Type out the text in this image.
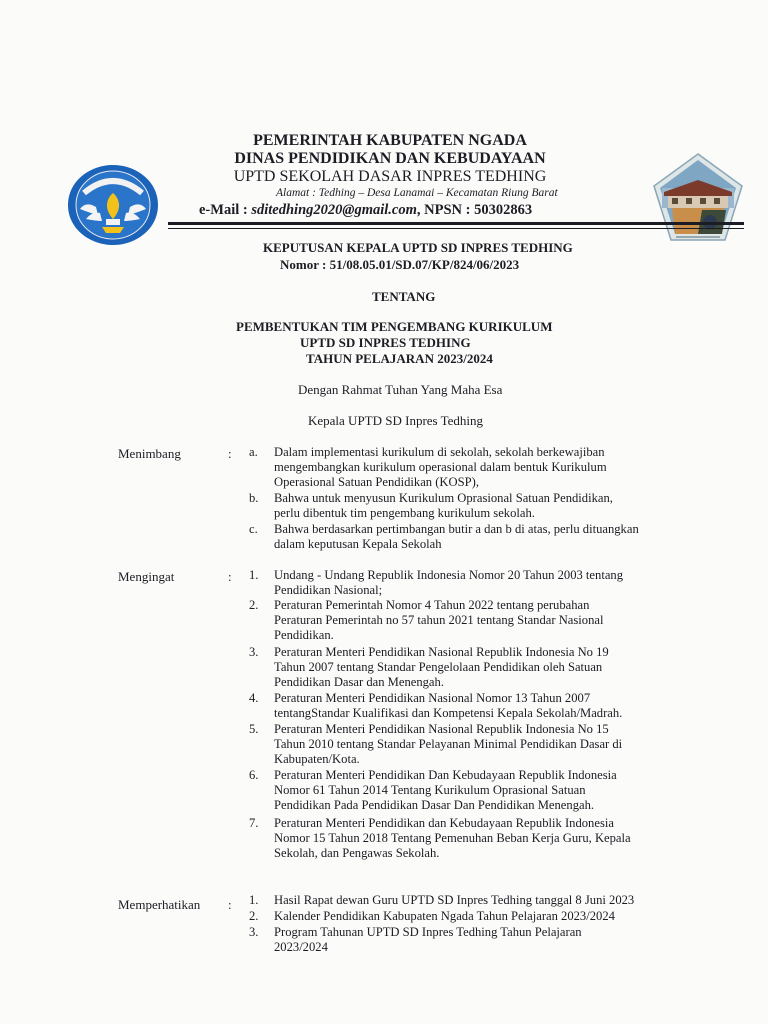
PEMERINTAH KABUPATEN NGADA
DINAS PENDIDIKAN DAN KEBUDAYAAN
UPTD SEKOLAH DASAR INPRES TEDHING
Alamat : Tedhing – Desa Lanamai – Kecamatan Riung Barat
e-Mail : sditedhing2020@gmail.com, NPSN : 50302863
KEPUTUSAN KEPALA UPTD SD INPRES TEDHING
Nomor : 51/08.05.01/SD.07/KP/824/06/2023
TENTANG
PEMBENTUKAN TIM PENGEMBANG KURIKULUM
UPTD SD INPRES TEDHING
TAHUN PELAJARAN 2023/2024
Dengan Rahmat Tuhan Yang Maha Esa
Kepala UPTD SD Inpres Tedhing
Menimbang	: a. Dalam implementasi kurikulum di sekolah, sekolah berkewajiban
mengembangkan kurikulum operasional dalam bentuk Kurikulum
Operasional Satuan Pendidikan (KOSP),
b. Bahwa untuk menyusun Kurikulum Oprasional Satuan Pendidikan,
perlu dibentuk tim pengembang kurikulum sekolah.
c. Bahwa berdasarkan pertimbangan butir a dan b di atas, perlu dituangkan
dalam keputusan Kepala Sekolah
Mengingat	: 1. Undang - Undang Republik Indonesia Nomor 20 Tahun 2003 tentang
Pendidikan Nasional;
2. Peraturan Pemerintah Nomor 4 Tahun 2022 tentang perubahan
Peraturan Pemerintah no 57 tahun 2021 tentang Standar Nasional
Pendidikan.
3. Peraturan Menteri Pendidikan Nasional Republik Indonesia No 19
Tahun 2007 tentang Standar Pengelolaan Pendidikan oleh Satuan
Pendidikan Dasar dan Menengah.
4. Peraturan Menteri Pendidikan Nasional Nomor 13 Tahun 2007
tentangStandar Kualifikasi dan Kompetensi Kepala Sekolah/Madrah.
5. Peraturan Menteri Pendidikan Nasional Republik Indonesia No 15
Tahun 2010 tentang Standar Pelayanan Minimal Pendidikan Dasar di
Kabupaten/Kota.
6. Peraturan Menteri Pendidikan Dan Kebudayaan Republik Indonesia
Nomor 61 Tahun 2014 Tentang Kurikulum Oprasional Satuan
Pendidikan Pada Pendidikan Dasar Dan Pendidikan Menengah.
7. Peraturan Menteri Pendidikan dan Kebudayaan Republik Indonesia
Nomor 15 Tahun 2018 Tentang Pemenuhan Beban Kerja Guru, Kepala
Sekolah, dan Pengawas Sekolah.
Memperhatikan : 1. Hasil Rapat dewan Guru UPTD SD Inpres Tedhing tanggal 8 Juni 2023
2. Kalender Pendidikan Kabupaten Ngada Tahun Pelajaran 2023/2024
3. Program Tahunan UPTD SD Inpres Tedhing Tahun Pelajaran
2023/2024
